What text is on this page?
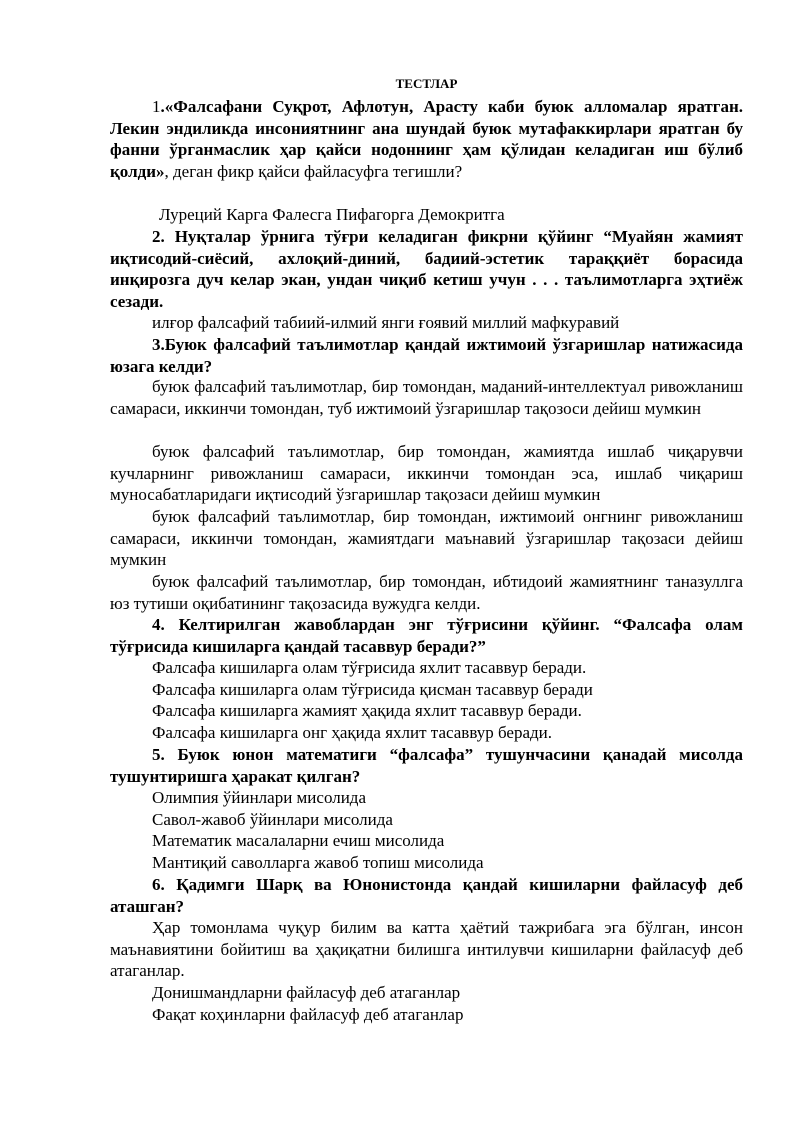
ТЕСТЛАР
1.«Фалсафани Суқрот, Афлотун, Арасту каби буюк алломалар яратган. Лекин эндиликда инсониятнинг ана шундай буюк мутафаккирлари яратган бу фанни ўрганмаслик ҳар қайси нодоннинг ҳам қўлидан келадиган иш бўлиб қолди», деган фикр қайси файласуфга тегишли?
Луреций Карга Фалесга Пифагорга Демокритга
2. Нуқталар ўрнига тўғри келадиган фикрни қўйинг “Муайян жамият иқтисодий-сиёсий, ахлоқий-диний, бадиий-эстетик тараққиёт борасида инқирозга дуч келар экан, ундан чиқиб кетиш учун . . . таълимотларга эҳтиёж сезади.
илғор фалсафий табиий-илмий янги ғоявий миллий мафкуравий
3.Буюк фалсафий таълимотлар қандай ижтимоий ўзгаришлар натижасида юзага келди?
буюк фалсафий таълимотлар, бир томондан, маданий-интеллектуал ривожланиш самараси, иккинчи томондан, туб ижтимоий ўзгаришлар тақозоси дейиш мумкин
буюк фалсафий таълимотлар, бир томондан, жамиятда ишлаб чиқарувчи кучларнинг ривожланиш самараси, иккинчи томондан эса, ишлаб чиқариш муносабатларидаги иқтисодий ўзгаришлар тақозаси дейиш мумкин
буюк фалсафий таълимотлар, бир томондан, ижтимоий онгнинг ривожланиш самараси, иккинчи томондан, жамиятдаги маънавий ўзгаришлар тақозаси дейиш мумкин
буюк фалсафий таълимотлар, бир томондан, ибтидоий жамиятнинг таназуллга юз тутиши оқибатининг тақозасида вужудга келди.
4. Келтирилган жавоблардан энг тўғрисини қўйинг. “Фалсафа олам тўғрисида кишиларга қандай тасаввур беради?”
Фалсафа кишиларга олам тўғрисида яхлит тасаввур беради.
Фалсафа кишиларга олам тўғрисида қисман тасаввур беради
Фалсафа кишиларга жамият ҳақида яхлит тасаввур беради.
Фалсафа кишиларга онг ҳақида яхлит тасаввур беради.
5. Буюк юнон математиги “фалсафа” тушунчасини қанадай мисолда тушунтиришга ҳаракат қилган?
Олимпия ўйинлари мисолида
Савол-жавоб ўйинлари мисолида
Математик масалаларни ечиш мисолида
Мантиқий саволларга жавоб топиш мисолида
6. Қадимги Шарқ ва Юнонистонда қандай кишиларни файласуф деб аташган?
Ҳар томонлама чуқур билим ва катта ҳаётий тажрибага эга бўлган, инсон маънавиятини бойитиш ва ҳақиқатни билишга интилувчи кишиларни файласуф деб атаганлар.
Донишмандларни файласуф деб атаганлар
Фақат коҳинларни файласуф деб атаганлар
